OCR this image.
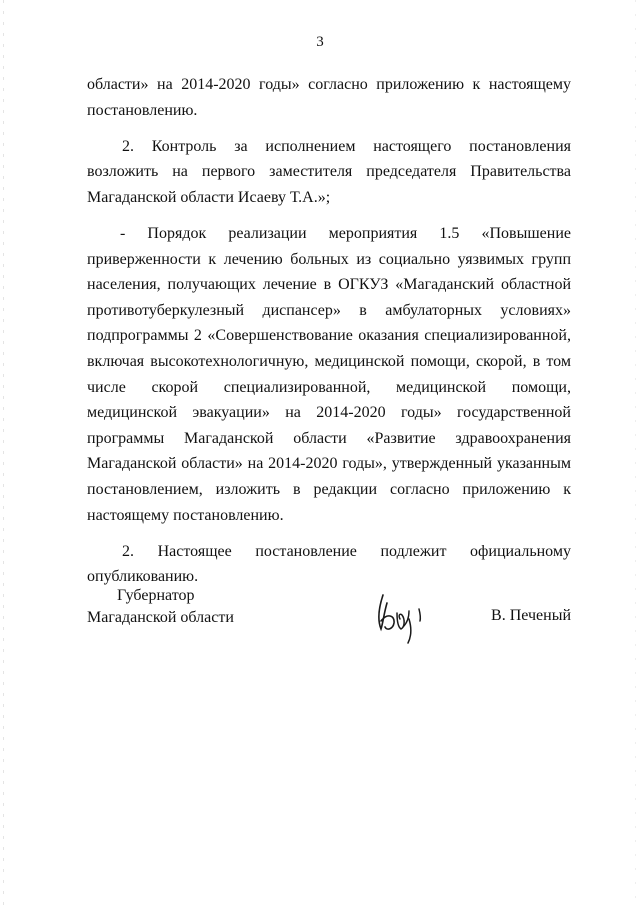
3

области» на 2014-2020 годы» согласно приложению к настоящему постановлению.

2. Контроль за исполнением настоящего постановления возложить на первого заместителя председателя Правительства Магаданской области Исаеву Т.А.»;

- Порядок реализации мероприятия 1.5 «Повышение приверженности к лечению больных из социально уязвимых групп населения, получающих лечение в ОГКУЗ «Магаданский областной противотуберкулезный диспансер» в амбулаторных условиях» подпрограммы 2 «Совершенствование оказания специализированной, включая высокотехнологичную, медицинской помощи, скорой, в том числе скорой специализированной, медицинской помощи, медицинской эвакуации» на 2014-2020 годы» государственной программы Магаданской области «Развитие здравоохранения Магаданской области» на 2014-2020 годы», утвержденный указанным постановлением, изложить в редакции согласно приложению к настоящему постановлению.

2. Настоящее постановление подлежит официальному опубликованию.

Губернатор
Магаданской области	В. Печеный
